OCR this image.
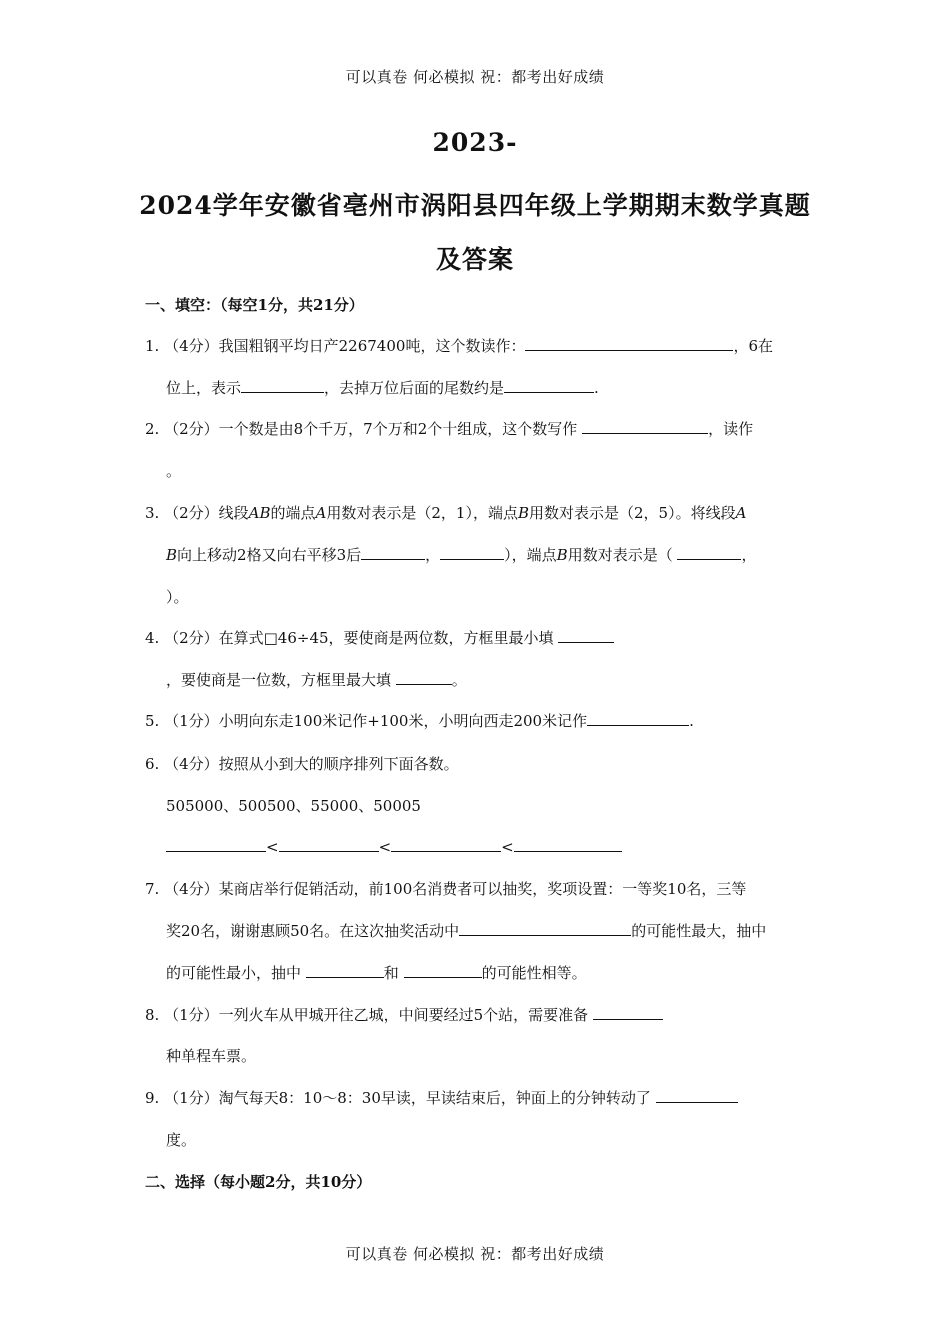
可以真卷 何必模拟 祝：都考出好成绩
2023-
2024学年安徽省亳州市涡阳县四年级上学期期末数学真题
及答案
一、填空：（每空1分，共21分）
1. （4分）我国粗钢平均日产2267400吨，这个数读作：	，6在
位上，表示	，去掉万位后面的尾数约是	.
2. （2分）一个数是由8个千万，7个万和2个十组成，这个数写作	，读作
。
3. （2分）线段AB的端点A用数对表示是（2，1），端点B用数对表示是（2，5）。将线段A
B向上移动2格又向右平移3后	，	），端点B用数对表示是（	，
）。
4. （2分）在算式□46÷45，要使商是两位数，方框里最小填
，要使商是一位数，方框里最大填	。
5. （1分）小明向东走100米记作+100米，小明向西走200米记作	.
6. （4分）按照从小到大的顺序排列下面各数。
505000、500500、55000、50005
<	<	<
7. （4分）某商店举行促销活动，前100名消费者可以抽奖，奖项设置：一等奖10名，三等
奖20名，谢谢惠顾50名。在这次抽奖活动中	的可能性最大，抽中
的可能性最小，抽中	和	的可能性相等。
8. （1分）一列火车从甲城开往乙城，中间要经过5个站，需要准备
种单程车票。
9. （1分）淘气每天8：10～8：30早读，早读结束后，钟面上的分钟转动了
度。
二、选择（每小题2分，共10分）
可以真卷 何必模拟 祝：都考出好成绩
